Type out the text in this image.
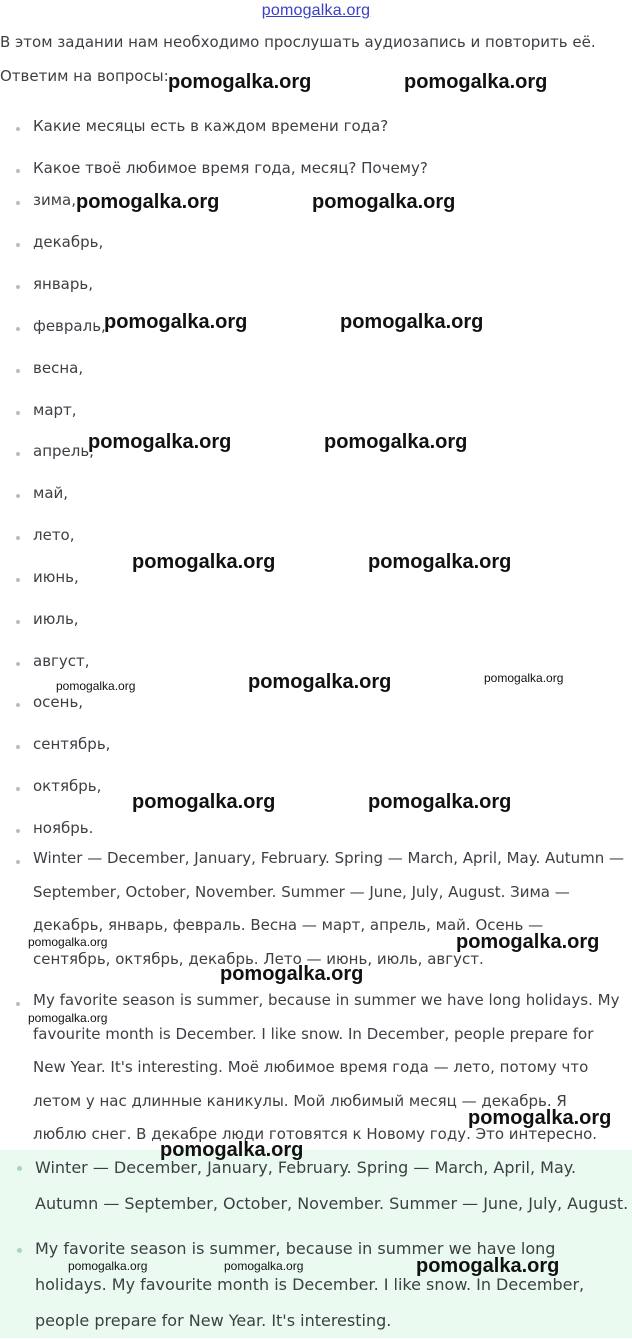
pomogalka.org
В этом задании нам необходимо прослушать аудиозапись и повторить её.
Ответим на вопросы:
Какие месяцы есть в каждом времени года?
Какое твоё любимое время года, месяц? Почему?
зима,
декабрь,
январь,
февраль,
весна,
март,
апрель,
май,
лето,
июнь,
июль,
август,
осень,
сентябрь,
октябрь,
ноябрь.
Winter — December, January, February. Spring — March, April, May. Autumn — September, October, November. Summer — June, July, August. Зима — декабрь, январь, февраль. Весна — март, апрель, май. Осень — сентябрь, октябрь, декабрь. Лето — июнь, июль, август.
My favorite season is summer, because in summer we have long holidays. My favourite month is December. I like snow. In December, people prepare for New Year. It's interesting. Моё любимое время года — лето, потому что летом у нас длинные каникулы. Мой любимый месяц — декабрь. Я люблю снег. В декабре люди готовятся к Новому году. Это интересно.
Winter — December, January, February. Spring — March, April, May. Autumn — September, October, November. Summer — June, July, August.
My favorite season is summer, because in summer we have long holidays. My favourite month is December. I like snow. In December, people prepare for New Year. It's interesting.
pomogalka.org	pomogalka.org
pomogalka.org	pomogalka.org
pomogalka.org	pomogalka.org
pomogalka.org	pomogalka.org
pomogalka.org	pomogalka.org
pomogalka.org	pomogalka.org	pomogalka.org
pomogalka.org	pomogalka.org
pomogalka.org	pomogalka.org
pomogalka.org
pomogalka.org
pomogalka.org
pomogalka.org
pomogalka.org	pomogalka.org	pomogalka.org
